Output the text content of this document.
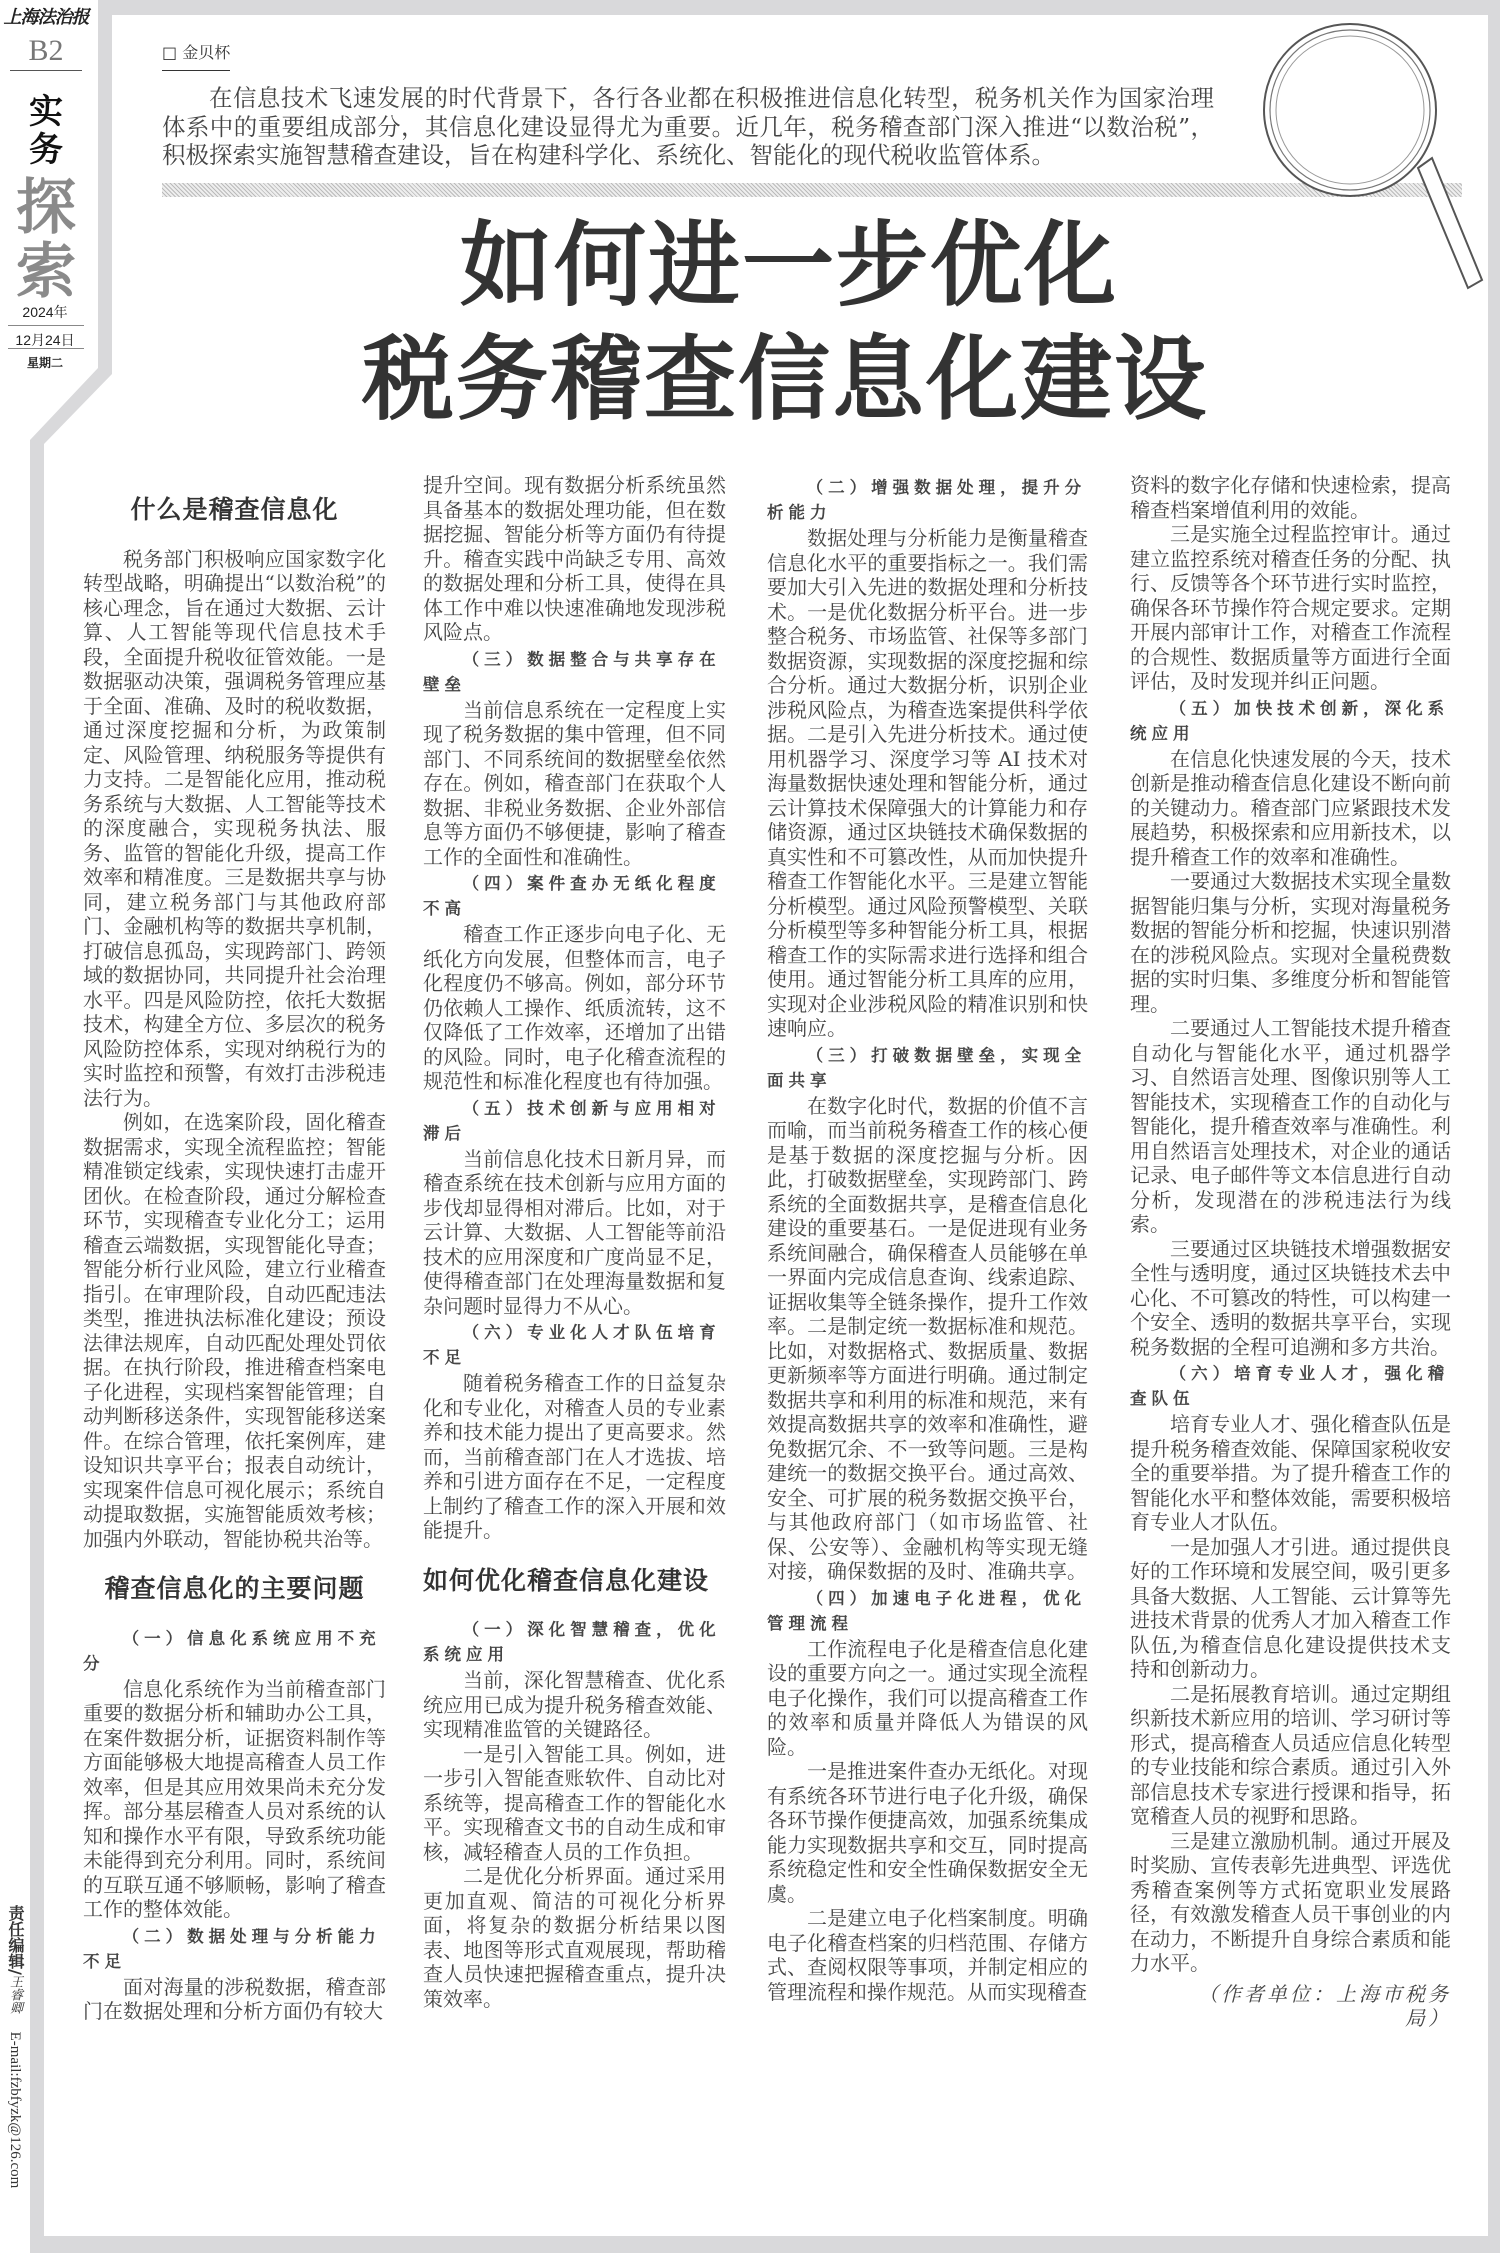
上海法治报
B2
实
务
探
索
2024年
12月24日
星期二
责任编辑/王睿卿 E-mail:fzbfyzk@126.com
□ 金贝杯
在信息技术飞速发展的时代背景下，各行各业都在积极推进信息化转型，税务机关作为国家治理体系中的重要组成部分，其信息化建设显得尤为重要。近几年，税务稽查部门深入推进“以数治税”，积极探索实施智慧稽查建设，旨在构建科学化、系统化、智能化的现代税收监管体系。
如何进一步优化
税务稽查信息化建设
什么是稽查信息化

税务部门积极响应国家数字化转型战略，明确提出“以数治税”的核心理念，旨在通过大数据、云计算、人工智能等现代信息技术手段，全面提升税收征管效能。一是数据驱动决策，强调税务管理应基于全面、准确、及时的税收数据，通过深度挖掘和分析，为政策制定、风险管理、纳税服务等提供有力支持。二是智能化应用，推动税务系统与大数据、人工智能等技术的深度融合，实现税务执法、服务、监管的智能化升级，提高工作效率和精准度。三是数据共享与协同，建立税务部门与其他政府部门、金融机构等的数据共享机制，打破信息孤岛，实现跨部门、跨领域的数据协同，共同提升社会治理水平。四是风险防控，依托大数据技术，构建全方位、多层次的税务风险防控体系，实现对纳税行为的实时监控和预警，有效打击涉税违法行为。

例如，在选案阶段，固化稽查数据需求，实现全流程监控；智能精准锁定线索，实现快速打击虚开团伙。在检查阶段，通过分解检查环节，实现稽查专业化分工；运用稽查云端数据，实现智能化导查；智能分析行业风险，建立行业稽查指引。在审理阶段，自动匹配违法类型，推进执法标准化建设；预设法律法规库，自动匹配处理处罚依据。在执行阶段，推进稽查档案电子化进程，实现档案智能管理；自动判断移送条件，实现智能移送案件。在综合管理，依托案例库，建设知识共享平台；报表自动统计，实现案件信息可视化展示；系统自动提取数据，实施智能质效考核；加强内外联动，智能协税共治等。

稽查信息化的主要问题
（一）信息化系统应用不充分

信息化系统作为当前稽查部门重要的数据分析和辅助办公工具，在案件数据分析，证据资料制作等方面能够极大地提高稽查人员工作效率，但是其应用效果尚未充分发挥。部分基层稽查人员对系统的认知和操作水平有限，导致系统功能未能得到充分利用。同时，系统间的互联互通不够顺畅，影响了稽查工作的整体效能。

（二）数据处理与分析能力不足

面对海量的涉税数据，稽查部门在数据处理和分析方面仍有较大

提升空间。现有数据分析系统虽然具备基本的数据处理功能，但在数据挖掘、智能分析等方面仍有待提升。稽查实践中尚缺乏专用、高效的数据处理和分析工具，使得在具体工作中难以快速准确地发现涉税风险点。

（三）数据整合与共享存在壁垒

当前信息系统在一定程度上实现了税务数据的集中管理，但不同部门、不同系统间的数据壁垒依然存在。例如，稽查部门在获取个人数据、非税业务数据、企业外部信息等方面仍不够便捷，影响了稽查工作的全面性和准确性。

（四）案件查办无纸化程度不高

稽查工作正逐步向电子化、无纸化方向发展，但整体而言，电子化程度仍不够高。例如，部分环节仍依赖人工操作、纸质流转，这不仅降低了工作效率，还增加了出错的风险。同时，电子化稽查流程的规范性和标准化程度也有待加强。

（五）技术创新与应用相对滞后

当前信息化技术日新月异，而稽查系统在技术创新与应用方面的步伐却显得相对滞后。比如，对于云计算、大数据、人工智能等前沿技术的应用深度和广度尚显不足，使得稽查部门在处理海量数据和复杂问题时显得力不从心。

（六）专业化人才队伍培育不足

随着税务稽查工作的日益复杂化和专业化，对稽查人员的专业素养和技术能力提出了更高要求。然而，当前稽查部门在人才选拔、培养和引进方面存在不足，一定程度上制约了稽查工作的深入开展和效能提升。

如何优化稽查信息化建设
（一）深化智慧稽查，优化系统应用

当前，深化智慧稽查、优化系统应用已成为提升税务稽查效能、实现精准监管的关键路径。

一是引入智能工具。例如，进一步引入智能查账软件、自动比对系统等，提高稽查工作的智能化水平。实现稽查文书的自动生成和审核，减轻稽查人员的工作负担。

二是优化分析界面。通过采用更加直观、简洁的可视化分析界面，将复杂的数据分析结果以图表、地图等形式直观展现，帮助稽查人员快速把握稽查重点，提升决策效率。

（二）增强数据处理，提升分析能力

数据处理与分析能力是衡量稽查信息化水平的重要指标之一。我们需要加大引入先进的数据处理和分析技术。一是优化数据分析平台。进一步整合税务、市场监管、社保等多部门数据资源，实现数据的深度挖掘和综合分析。通过大数据分析，识别企业涉税风险点，为稽查选案提供科学依据。二是引入先进分析技术。通过使用机器学习、深度学习等 AI 技术对海量数据快速处理和智能分析，通过云计算技术保障强大的计算能力和存储资源，通过区块链技术确保数据的真实性和不可篡改性，从而加快提升稽查工作智能化水平。三是建立智能分析模型。通过风险预警模型、关联分析模型等多种智能分析工具，根据稽查工作的实际需求进行选择和组合使用。通过智能分析工具库的应用，实现对企业涉税风险的精准识别和快速响应。

（三）打破数据壁垒，实现全面共享

在数字化时代，数据的价值不言而喻，而当前税务稽查工作的核心便是基于数据的深度挖掘与分析。因此，打破数据壁垒，实现跨部门、跨系统的全面数据共享，是稽查信息化建设的重要基石。一是促进现有业务系统间融合，确保稽查人员能够在单一界面内完成信息查询、线索追踪、证据收集等全链条操作，提升工作效率。二是制定统一数据标准和规范。比如，对数据格式、数据质量、数据更新频率等方面进行明确。通过制定数据共享和利用的标准和规范，来有效提高数据共享的效率和准确性，避免数据冗余、不一致等问题。三是构建统一的数据交换平台。通过高效、安全、可扩展的税务数据交换平台，与其他政府部门（如市场监管、社保、公安等）、金融机构等实现无缝对接，确保数据的及时、准确共享。

（四）加速电子化进程，优化管理流程

工作流程电子化是稽查信息化建设的重要方向之一。通过实现全流程电子化操作，我们可以提高稽查工作的效率和质量并降低人为错误的风险。

一是推进案件查办无纸化。对现有系统各环节进行电子化升级，确保各环节操作便捷高效，加强系统集成能力实现数据共享和交互，同时提高系统稳定性和安全性确保数据安全无虞。

二是建立电子化档案制度。明确电子化稽查档案的归档范围、存储方式、查阅权限等事项，并制定相应的管理流程和操作规范。从而实现稽查

资料的数字化存储和快速检索，提高稽查档案增值利用的效能。

三是实施全过程监控审计。通过建立监控系统对稽查任务的分配、执行、反馈等各个环节进行实时监控，确保各环节操作符合规定要求。定期开展内部审计工作，对稽查工作流程的合规性、数据质量等方面进行全面评估，及时发现并纠正问题。

（五）加快技术创新，深化系统应用

在信息化快速发展的今天，技术创新是推动稽查信息化建设不断向前的关键动力。稽查部门应紧跟技术发展趋势，积极探索和应用新技术，以提升稽查工作的效率和准确性。

一要通过大数据技术实现全量数据智能归集与分析，实现对海量税务数据的智能分析和挖掘，快速识别潜在的涉税风险点。实现对全量税费数据的实时归集、多维度分析和智能管理。

二要通过人工智能技术提升稽查自动化与智能化水平，通过机器学习、自然语言处理、图像识别等人工智能技术，实现稽查工作的自动化与智能化，提升稽查效率与准确性。利用自然语言处理技术，对企业的通话记录、电子邮件等文本信息进行自动分析，发现潜在的涉税违法行为线索。

三要通过区块链技术增强数据安全性与透明度，通过区块链技术去中心化、不可篡改的特性，可以构建一个安全、透明的数据共享平台，实现税务数据的全程可追溯和多方共治。

（六）培育专业人才，强化稽查队伍

培育专业人才、强化稽查队伍是提升税务稽查效能、保障国家税收安全的重要举措。为了提升稽查工作的智能化水平和整体效能，需要积极培育专业人才队伍。

一是加强人才引进。通过提供良好的工作环境和发展空间，吸引更多具备大数据、人工智能、云计算等先进技术背景的优秀人才加入稽查工作队伍,为稽查信息化建设提供技术支持和创新动力。

二是拓展教育培训。通过定期组织新技术新应用的培训、学习研讨等形式，提高稽查人员适应信息化转型的专业技能和综合素质。通过引入外部信息技术专家进行授课和指导，拓宽稽查人员的视野和思路。

三是建立激励机制。通过开展及时奖励、宣传表彰先进典型、评选优秀稽查案例等方式拓宽职业发展路径，有效激发稽查人员干事创业的内在动力，不断提升自身综合素质和能力水平。

（作者单位：上海市税务局）
